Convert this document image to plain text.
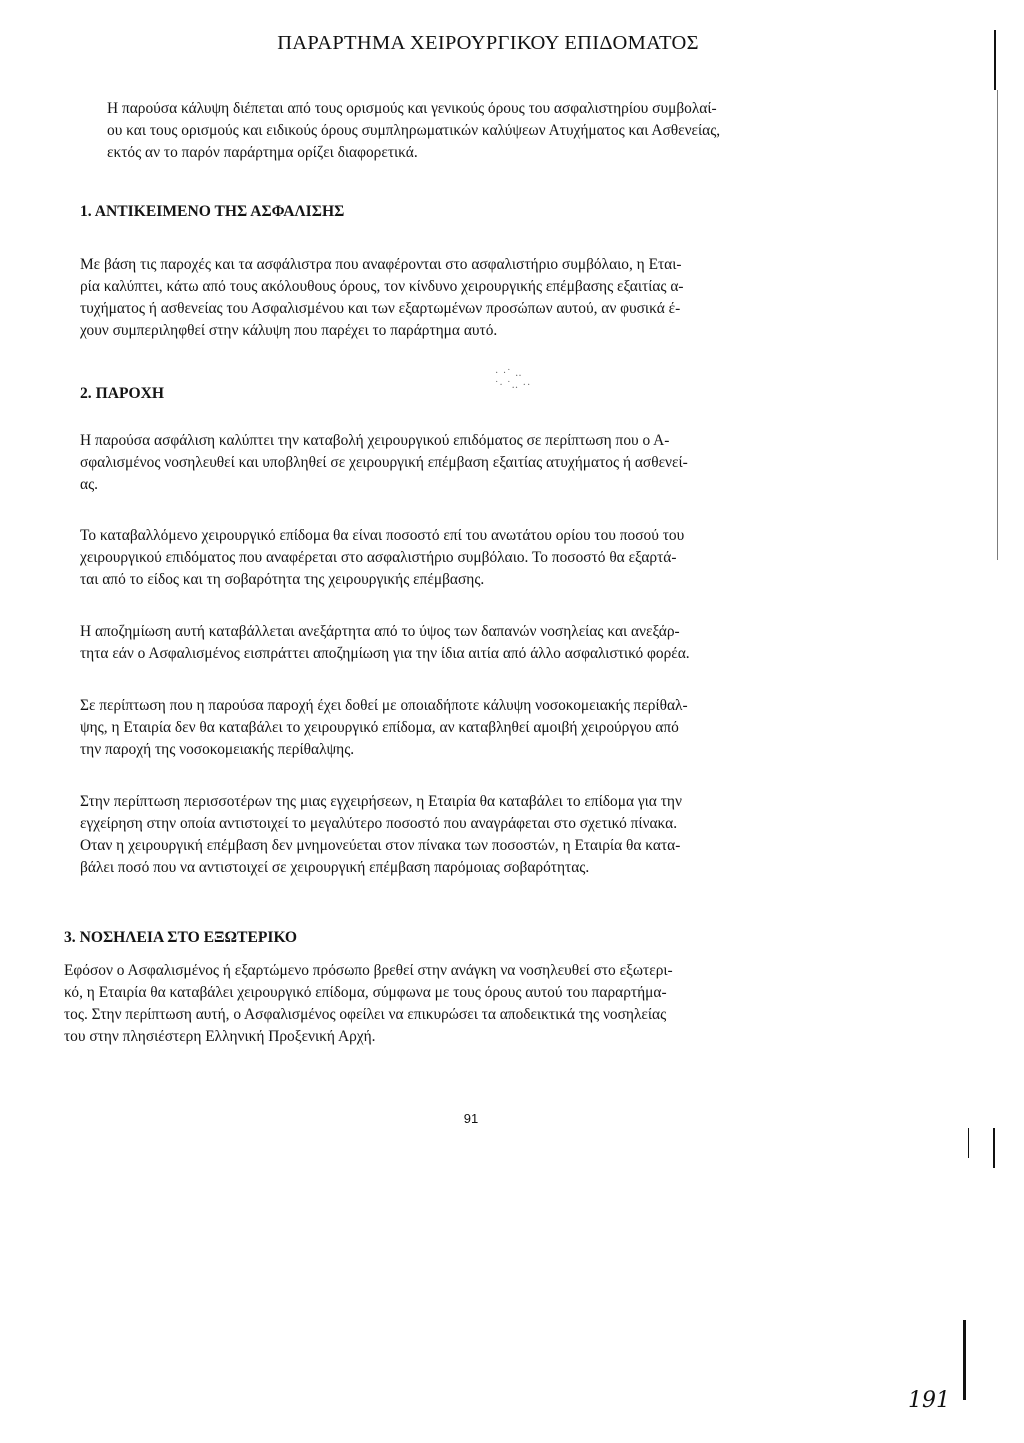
ΠΑΡΑΡΤΗΜΑ ΧΕΙΡΟΥΡΓΙΚΟΥ ΕΠΙΔΟΜΑΤΟΣ

Η παρούσα κάλυψη διέπεται από τους ορισμούς και γενικούς όρους του ασφαλιστηρίου συμβολαί-
ου και τους ορισμούς και ειδικούς όρους συμπληρωματικών καλύψεων Ατυχήματος και Ασθενείας,
εκτός αν το παρόν παράρτημα ορίζει διαφορετικά.

1. ΑΝΤΙΚΕΙΜΕΝΟ ΤΗΣ ΑΣΦΑΛΙΣΗΣ

Με βάση τις παροχές και τα ασφάλιστρα που αναφέρονται στο ασφαλιστήριο συμβόλαιο, η Εται-
ρία καλύπτει, κάτω από τους ακόλουθους όρους, τον κίνδυνο χειρουργικής επέμβασης εξαιτίας α-
τυχήματος ή ασθενείας του Ασφαλισμένου και των εξαρτωμένων προσώπων αυτού, αν φυσικά έ-
χουν συμπεριληφθεί στην κάλυψη που παρέχει το παράρτημα αυτό.

· ·˙ ‥
˙· ˙‥ ··
2. ΠΑΡΟΧΗ

Η παρούσα ασφάλιση καλύπτει την καταβολή χειρουργικού επιδόματος σε περίπτωση που ο Α-
σφαλισμένος νοσηλευθεί και υποβληθεί σε χειρουργική επέμβαση εξαιτίας ατυχήματος ή ασθενεί-
ας.

Το καταβαλλόμενο χειρουργικό επίδομα θα είναι ποσοστό επί του ανωτάτου ορίου του ποσού του
χειρουργικού επιδόματος που αναφέρεται στο ασφαλιστήριο συμβόλαιο. Το ποσοστό θα εξαρτά-
ται από το είδος και τη σοβαρότητα της χειρουργικής επέμβασης.

Η αποζημίωση αυτή καταβάλλεται ανεξάρτητα από το ύψος των δαπανών νοσηλείας και ανεξάρ-
τητα εάν ο Ασφαλισμένος εισπράττει αποζημίωση για την ίδια αιτία από άλλο ασφαλιστικό φορέα.

Σε περίπτωση που η παρούσα παροχή έχει δοθεί με οποιαδήποτε κάλυψη νοσοκομειακής περίθαλ-
ψης, η Εταιρία δεν θα καταβάλει το χειρουργικό επίδομα, αν καταβληθεί αμοιβή χειρούργου από
την παροχή της νοσοκομειακής περίθαλψης.

Στην περίπτωση περισσοτέρων της μιας εγχειρήσεων, η Εταιρία θα καταβάλει το επίδομα για την
εγχείρηση στην οποία αντιστοιχεί το μεγαλύτερο ποσοστό που αναγράφεται στο σχετικό πίνακα.
Οταν η χειρουργική επέμβαση δεν μνημονεύεται στον πίνακα των ποσοστών, η Εταιρία θα κατα-
βάλει ποσό που να αντιστοιχεί σε χειρουργική επέμβαση παρόμοιας σοβαρότητας.

3. ΝΟΣΗΛΕΙΑ ΣΤΟ ΕΞΩΤΕΡΙΚΟ

Εφόσον ο Ασφαλισμένος ή εξαρτώμενο πρόσωπο βρεθεί στην ανάγκη να νοσηλευθεί στο εξωτερι-
κό, η Εταιρία θα καταβάλει χειρουργικό επίδομα, σύμφωνα με τους όρους αυτού του παραρτήμα-
τος. Στην περίπτωση αυτή, ο Ασφαλισμένος οφείλει να επικυρώσει τα αποδεικτικά της νοσηλείας
του στην πλησιέστερη Ελληνική Προξενική Αρχή.

91
191
